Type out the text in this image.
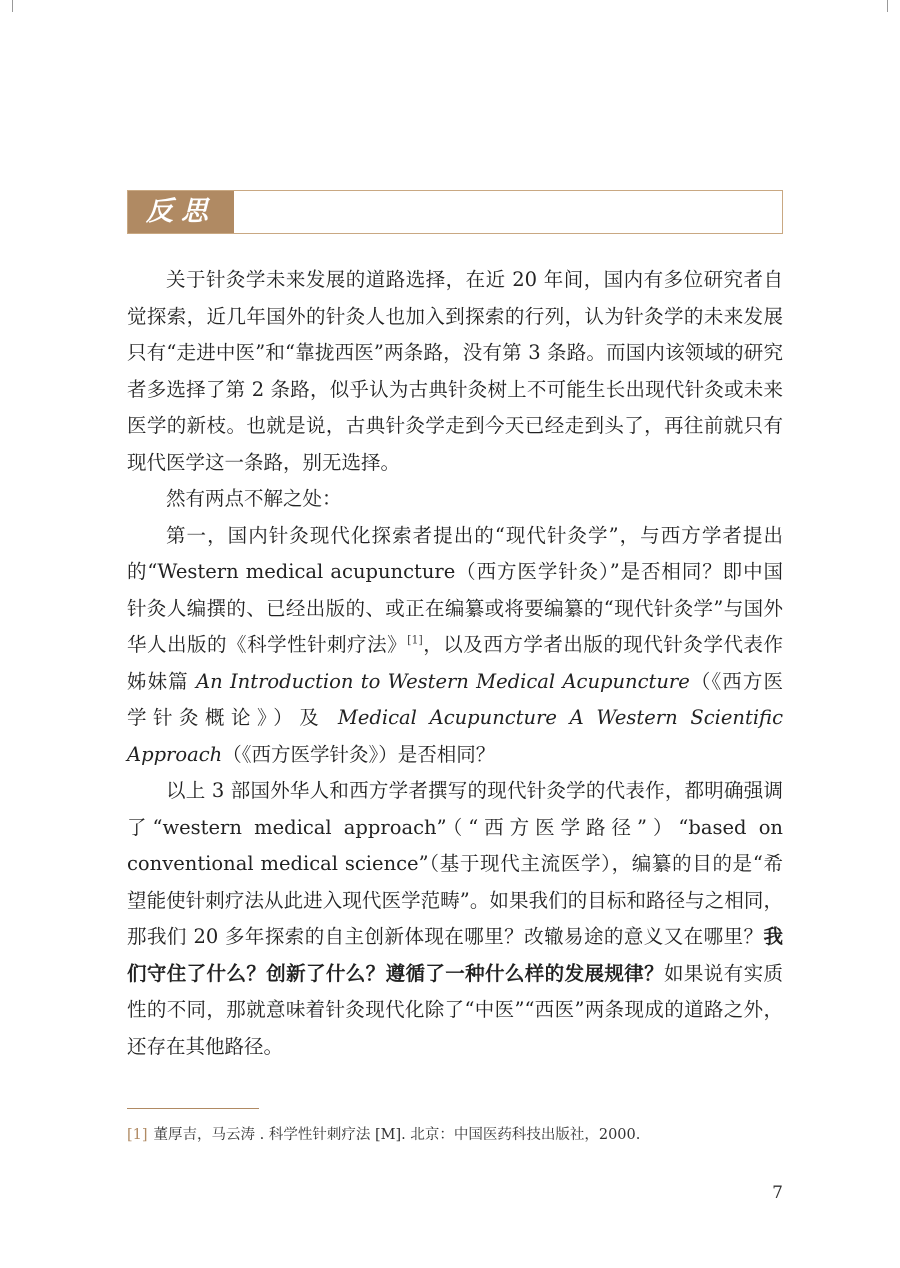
反思

关于针灸学未来发展的道路选择，在近 20 年间，国内有多位研究者自觉探索，近几年国外的针灸人也加入到探索的行列，认为针灸学的未来发展只有“走进中医”和“靠拢西医”两条路，没有第 3 条路。而国内该领域的研究者多选择了第 2 条路，似乎认为古典针灸树上不可能生长出现代针灸或未来医学的新枝。也就是说，古典针灸学走到今天已经走到头了，再往前就只有现代医学这一条路，别无选择。

然有两点不解之处：

第一，国内针灸现代化探索者提出的“现代针灸学”，与西方学者提出的“Western medical acupuncture（西方医学针灸）”是否相同？即中国针灸人编撰的、已经出版的、或正在编纂或将要编纂的“现代针灸学”与国外华人出版的《科学性针刺疗法》[1]，以及西方学者出版的现代针灸学代表作姊妹篇 An Introduction to Western Medical Acupuncture（《西方医学针灸概论》）及 Medical Acupuncture A Western Scientific Approach（《西方医学针灸》）是否相同？

以上 3 部国外华人和西方学者撰写的现代针灸学的代表作，都明确强调了“western medical approach”（“西方医学路径”）“based on conventional medical science”（基于现代主流医学），编纂的目的是“希望能使针刺疗法从此进入现代医学范畴”。如果我们的目标和路径与之相同，那我们 20 多年探索的自主创新体现在哪里？改辙易途的意义又在哪里？我们守住了什么？创新了什么？遵循了一种什么样的发展规律？如果说有实质性的不同，那就意味着针灸现代化除了“中医”“西医”两条现成的道路之外，还存在其他路径。

[1] 董厚吉，马云涛 . 科学性针刺疗法 [M]. 北京：中国医药科技出版社，2000.
7
